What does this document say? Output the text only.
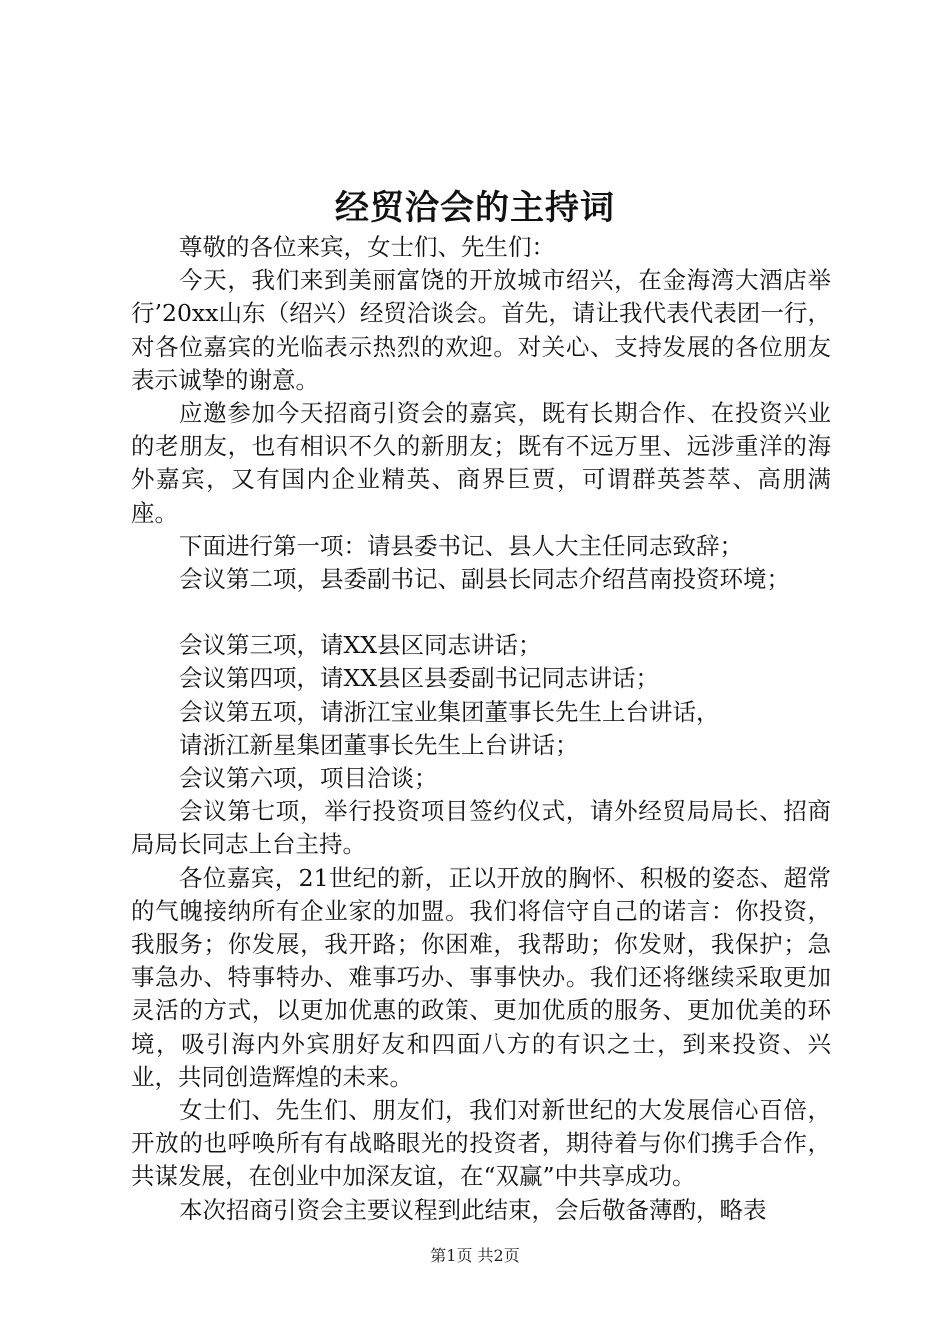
经贸洽会的主持词

尊敬的各位来宾，女士们、先生们：

今天，我们来到美丽富饶的开放城市绍兴，在金海湾大酒店举行’20xx山东（绍兴）经贸洽谈会。首先，请让我代表代表团一行，对各位嘉宾的光临表示热烈的欢迎。对关心、支持发展的各位朋友表示诚挚的谢意。

应邀参加今天招商引资会的嘉宾，既有长期合作、在投资兴业的老朋友，也有相识不久的新朋友；既有不远万里、远涉重洋的海外嘉宾，又有国内企业精英、商界巨贾，可谓群英荟萃、高朋满座。

下面进行第一项：请县委书记、县人大主任同志致辞；

会议第二项，县委副书记、副县长同志介绍莒南投资环境；

会议第三项，请XX县区同志讲话；

会议第四项，请XX县区县委副书记同志讲话；

会议第五项，请浙江宝业集团董事长先生上台讲话，

请浙江新星集团董事长先生上台讲话；

会议第六项，项目洽谈；

会议第七项，举行投资项目签约仪式，请外经贸局局长、招商局局长同志上台主持。

各位嘉宾，21世纪的新，正以开放的胸怀、积极的姿态、超常的气魄接纳所有企业家的加盟。我们将信守自己的诺言：你投资，我服务；你发展，我开路；你困难，我帮助；你发财，我保护；急事急办、特事特办、难事巧办、事事快办。我们还将继续采取更加灵活的方式，以更加优惠的政策、更加优质的服务、更加优美的环境，吸引海内外宾朋好友和四面八方的有识之士，到来投资、兴业，共同创造辉煌的未来。

女士们、先生们、朋友们，我们对新世纪的大发展信心百倍，开放的也呼唤所有有战略眼光的投资者，期待着与你们携手合作，共谋发展，在创业中加深友谊，在“双赢”中共享成功。

本次招商引资会主要议程到此结束，会后敬备薄酌，略表

第1页 共2页
